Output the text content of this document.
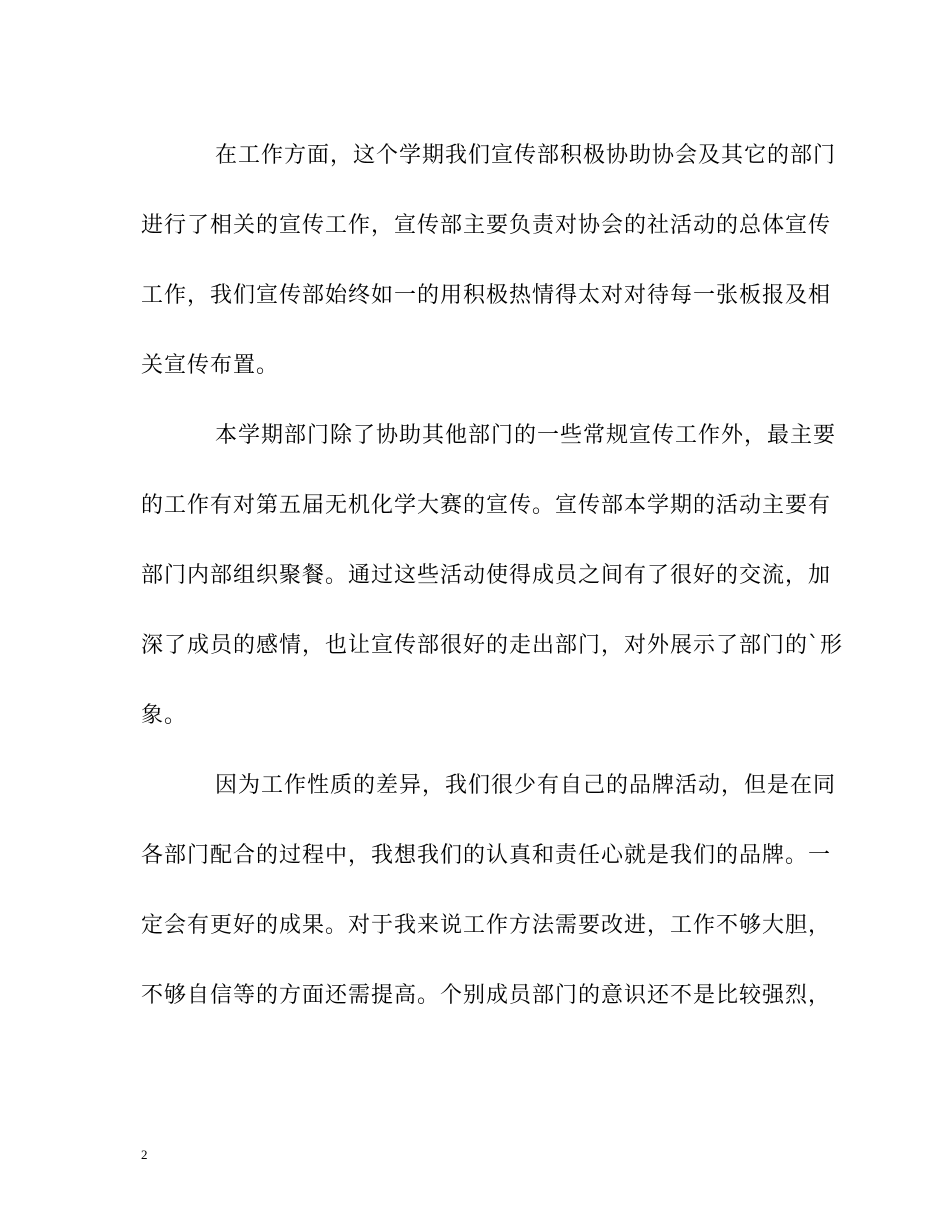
在工作方面，这个学期我们宣传部积极协助协会及其它的部门
进行了相关的宣传工作，宣传部主要负责对协会的社活动的总体宣传
工作，我们宣传部始终如一的用积极热情得太对对待每一张板报及相
关宣传布置。
本学期部门除了协助其他部门的一些常规宣传工作外，最主要
的工作有对第五届无机化学大赛的宣传。宣传部本学期的活动主要有
部门内部组织聚餐。通过这些活动使得成员之间有了很好的交流，加
深了成员的感情，也让宣传部很好的走出部门，对外展示了部门的`形
象。
因为工作性质的差异，我们很少有自己的品牌活动，但是在同
各部门配合的过程中，我想我们的认真和责任心就是我们的品牌。一
定会有更好的成果。对于我来说工作方法需要改进，工作不够大胆，
不够自信等的方面还需提高。个别成员部门的意识还不是比较强烈，
2
